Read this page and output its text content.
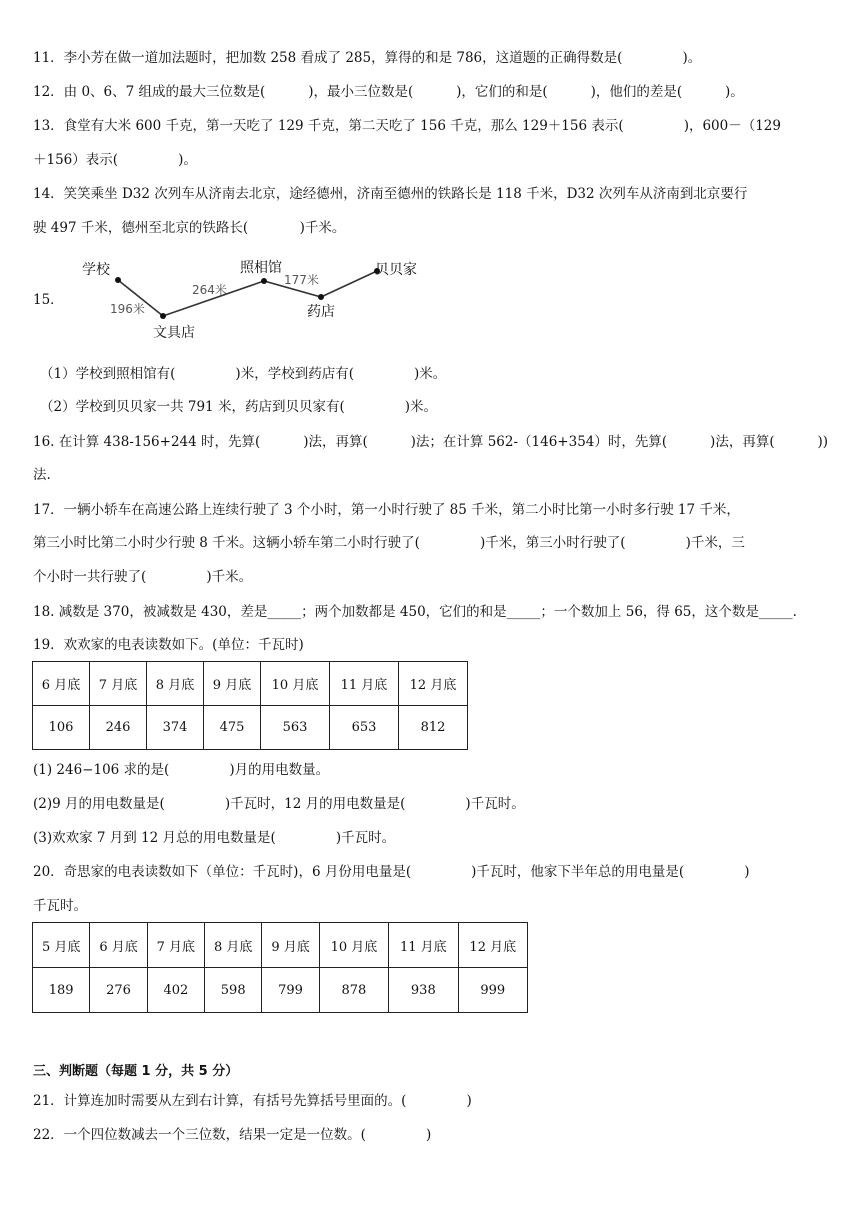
11．李小芳在做一道加法题时，把加数 258 看成了 285，算得的和是 786，这道题的正确得数是(              )。
12．由 0、6、7 组成的最大三位数是(          )，最小三位数是(          )，它们的和是(          )，他们的差是(          )。
13．食堂有大米 600 千克，第一天吃了 129 千克，第二天吃了 156 千克，那么 129＋156 表示(              )，600－（129
＋156）表示(              )。
14．笑笑乘坐 D32 次列车从济南去北京，途经德州，济南至德州的铁路长是 118 千米，D32 次列车从济南到北京要行
驶 497 千米，德州至北京的铁路长(            )千米。
15．
学校	照相馆	贝贝家
文具店
药店
196米
264米
177米
（1）学校到照相馆有(              )米，学校到药店有(              )米。
（2）学校到贝贝家一共 791 米，药店到贝贝家有(              )米。
16. 在计算 438-156+244 时，先算(          )法，再算(          )法；在计算 562-（146+354）时，先算(          )法，再算(          ))
法.
17．一辆小轿车在高速公路上连续行驶了 3 个小时，第一小时行驶了 85 千米，第二小时比第一小时多行驶 17 千米，
第三小时比第二小时少行驶 8 千米。这辆小轿车第二小时行驶了(              )千米，第三小时行驶了(              )千米，三
个小时一共行驶了(              )千米。
18. 减数是 370，被减数是 430，差是_____；两个加数都是 450，它们的和是_____；一个数加上 56，得 65，这个数是_____.
19．欢欢家的电表读数如下。(单位：千瓦时)
6 月底	7 月底	8 月底	9 月底	10 月底	11 月底	12 月底
106	246	374	475	563	653	812
(1) 246−106 求的是(              )月的用电数量。
(2)9 月的用电数量是(              )千瓦时，12 月的用电数量是(              )千瓦时。
(3)欢欢家 7 月到 12 月总的用电数量是(              )千瓦时。
20．奇思家的电表读数如下（单位：千瓦时)，6 月份用电量是(              )千瓦时，他家下半年总的用电量是(              )
千瓦时。
5 月底	6 月底	7 月底	8 月底	9 月底	10 月底	11 月底	12 月底
189	276	402	598	799	878	938	999
三、判断题（每题 1 分，共 5 分）
21．计算连加时需要从左到右计算，有括号先算括号里面的。(              )
22．一个四位数减去一个三位数，结果一定是一位数。(              )
